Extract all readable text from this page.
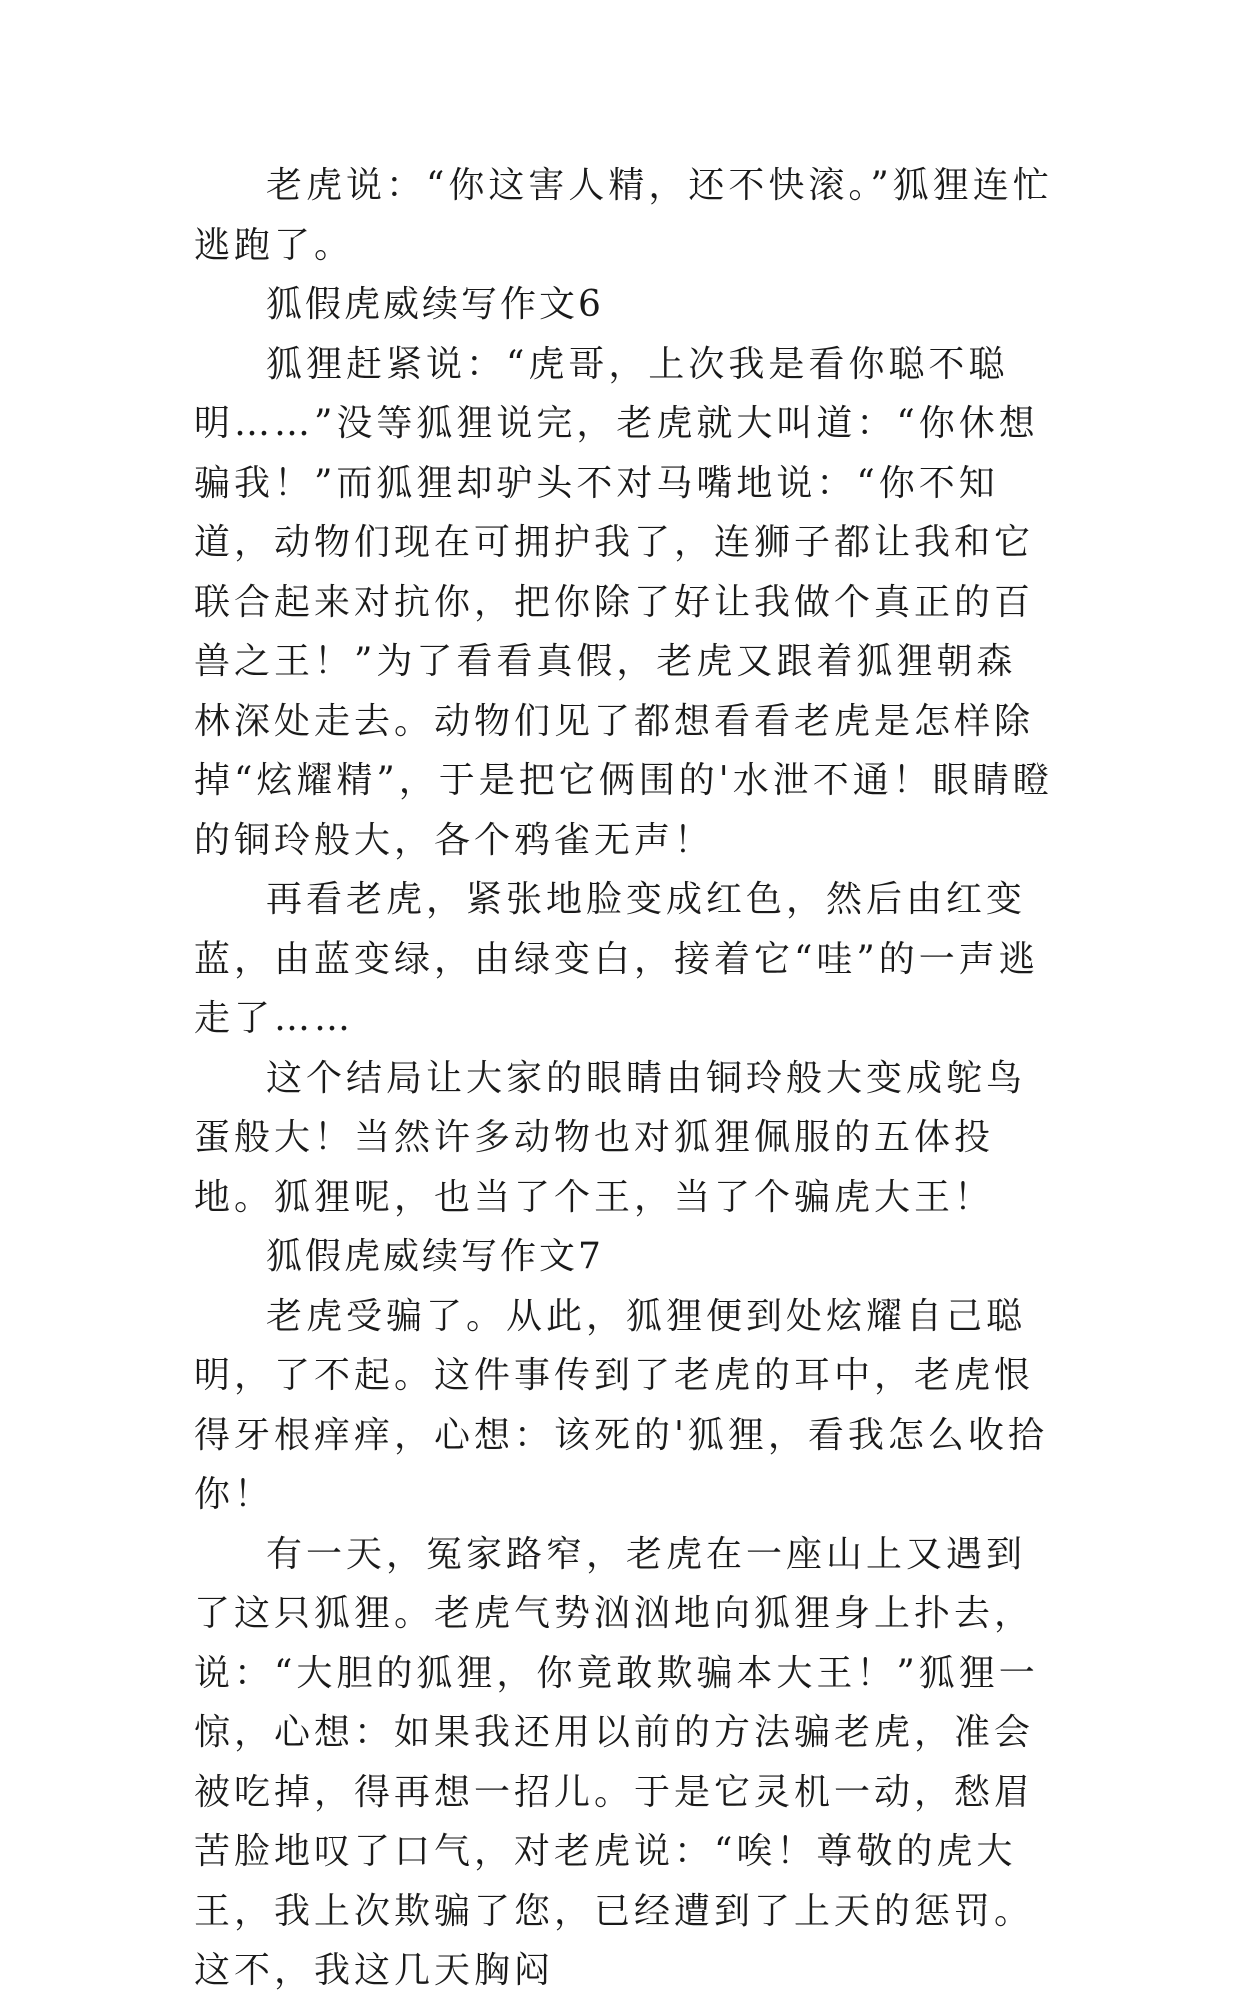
老虎说：“你这害人精，还不快滚。”狐狸连忙逃跑了。

狐假虎威续写作文6

狐狸赶紧说：“虎哥，上次我是看你聪不聪明……”没等狐狸说完，老虎就大叫道：“你休想骗我！”而狐狸却驴头不对马嘴地说：“你不知道，动物们现在可拥护我了，连狮子都让我和它联合起来对抗你，把你除了好让我做个真正的百兽之王！”为了看看真假，老虎又跟着狐狸朝森林深处走去。动物们见了都想看看老虎是怎样除掉“炫耀精”，于是把它俩围的'水泄不通！眼睛瞪的铜玲般大，各个鸦雀无声！

再看老虎，紧张地脸变成红色，然后由红变蓝，由蓝变绿，由绿变白，接着它“哇”的一声逃走了……

这个结局让大家的眼睛由铜玲般大变成鸵鸟蛋般大！当然许多动物也对狐狸佩服的五体投地。狐狸呢，也当了个王，当了个骗虎大王！

狐假虎威续写作文7

老虎受骗了。从此，狐狸便到处炫耀自己聪明，了不起。这件事传到了老虎的耳中，老虎恨得牙根痒痒，心想：该死的'狐狸，看我怎么收拾你！

有一天，冤家路窄，老虎在一座山上又遇到了这只狐狸。老虎气势汹汹地向狐狸身上扑去，说：“大胆的狐狸，你竟敢欺骗本大王！”狐狸一惊，心想：如果我还用以前的方法骗老虎，准会被吃掉，得再想一招儿。于是它灵机一动，愁眉苦脸地叹了口气，对老虎说：“唉！尊敬的虎大王，我上次欺骗了您，已经遭到了上天的惩罚。这不，我这几天胸闷
